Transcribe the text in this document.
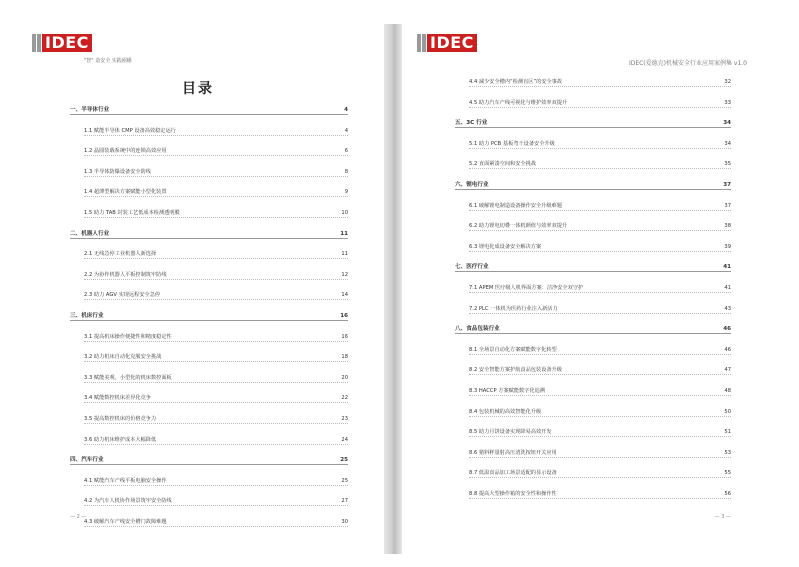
IDEC
"智" 造安全 实践圈播
目录
一、半导体行业	4
1.1 赋能半导体 CMP 设备高效稳定运行	4
1.2 晶圆装载系统中的连锁高效应用	6
1.3 半导体防爆设备安全防线	8
1.4 超薄型解决方案赋能小型化装置	9
1.5 助力 TAB 封装工艺低成本检测透明膜	10
二、机器人行业	11
2.1 无线急停工业机器人新选择	11
2.2 为协作机器人平板控制筑牢防线	12
2.3 助力 AGV 实现远程安全急停	14
三、机床行业	16
3.1 提高机床操作便捷性和精度稳定性	16
3.2 助力机床自动化克服安全挑战	18
3.3 赋能美观、小型化的机床数控面板	20
3.4 赋能数控机床差异化竞争	22
3.5 提高数控机床的价格竞争力	23
3.6 助力机床维护成本大幅降低	24
四、汽车行业	25
4.1 赋能汽车产线平板电脑安全操作	25
4.2 为汽车人机协作场景筑牢安全防线	27
4.3 破解汽车产线安全槽门故障难题	30
— 2 —
IDEC
IDEC(爱德克)机械安全行业应用案例集 v1.0
4.4 减少安全槽内“检测盲区”的安全事故	32
4.5 助力汽车产线可视化与维护效率双提升	33
五、3C 行业	34
5.1 助力 PCB 基板弯干设备安全升级	34
5.2 直面紧凑空间和安全挑战	35
六、锂电行业	37
6.1 破解锂电制造设备操作安全升级难题	37
6.2 助力锂电切叠一体机颜值与效率双提升	38
6.3 锂电化成设备安全解决方案	39
七、医疗行业	41
7.1 APEM 医疗级人机界面方案：洁净安全双守护	41
7.2 PLC 一体机为医药行业注入新活力	43
八、食品包装行业	46
8.1 全场景自动化方案赋能数字化转型	46
8.2 安全智能方案护航食品包装设备升级	47
8.3 HACCP 方案赋能数字化追溯	48
8.4 包装机械的高效智能化升级	50
8.5 助力月饼设备实现降易高效开发	51
8.6 猪料秤量射高压清洗按钮开关应用	53
8.7 低温食品加工场景适配的显示设备	55
8.8 提高大型操作箱的安全性和操作性	56
— 3 —
